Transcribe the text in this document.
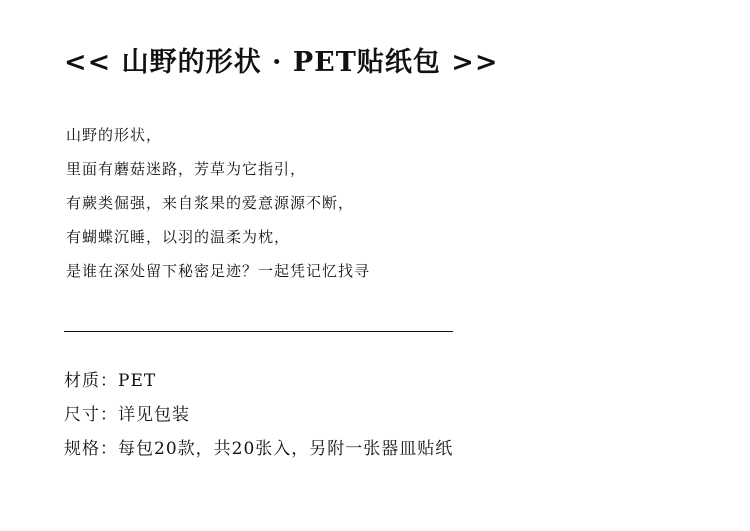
<< 山野的形状 · PET贴纸包 >>
山野的形状，
里面有蘑菇迷路，芳草为它指引，
有蕨类倔强，来自浆果的爱意源源不断，
有蝴蝶沉睡，以羽的温柔为枕，
是谁在深处留下秘密足迹？一起凭记忆找寻
材质：PET
尺寸：详见包装
规格：每包20款，共20张入，另附一张器皿贴纸
